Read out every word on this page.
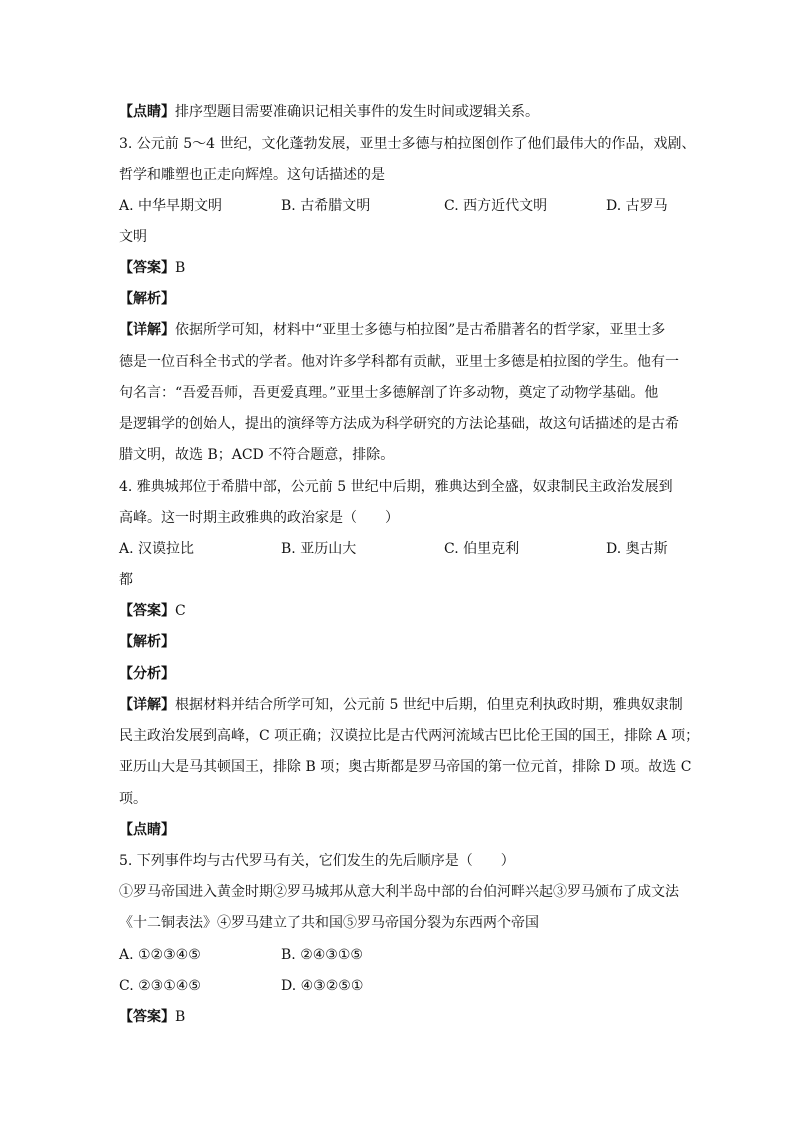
【点睛】排序型题目需要准确识记相关事件的发生时间或逻辑关系。
3. 公元前 5～4 世纪，文化蓬勃发展，亚里士多德与柏拉图创作了他们最伟大的作品，戏剧、
哲学和雕塑也正走向辉煌。这句话描述的是
A. 中华早期文明	B. 古希腊文明	C. 西方近代文明	D. 古罗马
文明
【答案】B
【解析】
【详解】依据所学可知，材料中“亚里士多德与柏拉图”是古希腊著名的哲学家，亚里士多
德是一位百科全书式的学者。他对许多学科都有贡献，亚里士多德是柏拉图的学生。他有一
句名言：“吾爱吾师，吾更爱真理。”亚里士多德解剖了许多动物，奠定了动物学基础。他
是逻辑学的创始人，提出的演绎等方法成为科学研究的方法论基础，故这句话描述的是古希
腊文明，故选 B；ACD 不符合题意，排除。
4. 雅典城邦位于希腊中部，公元前 5 世纪中后期，雅典达到全盛，奴隶制民主政治发展到
高峰。这一时期主政雅典的政治家是（　　）
A. 汉谟拉比	B. 亚历山大	C. 伯里克利	D. 奥古斯
都
【答案】C
【解析】
【分析】
【详解】根据材料并结合所学可知，公元前 5 世纪中后期，伯里克利执政时期，雅典奴隶制
民主政治发展到高峰，C 项正确；汉谟拉比是古代两河流域古巴比伦王国的国王，排除 A 项；
亚历山大是马其顿国王，排除 B 项；奥古斯都是罗马帝国的第一位元首，排除 D 项。故选 C
项。
【点睛】
5. 下列事件均与古代罗马有关，它们发生的先后顺序是（　　）
①罗马帝国进入黄金时期②罗马城邦从意大利半岛中部的台伯河畔兴起③罗马颁布了成文法
《十二铜表法》④罗马建立了共和国⑤罗马帝国分裂为东西两个帝国
A. ①②③④⑤	B. ②④③①⑤
C. ②③①④⑤	D. ④③②⑤①
【答案】B
